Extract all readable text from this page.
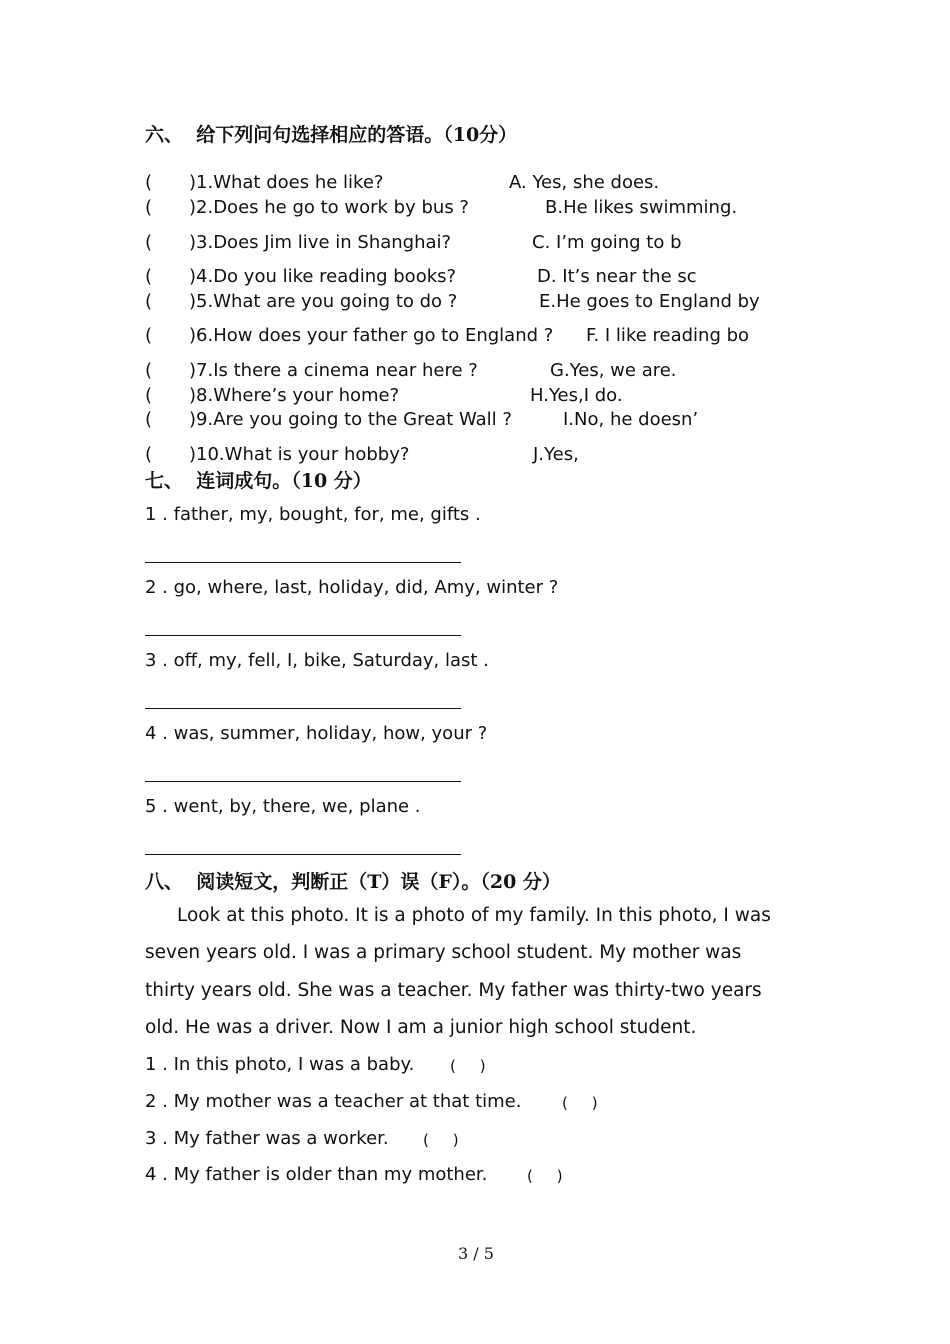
六、  给下列问句选择相应的答语。（10分）
( )1.What does he like?	A. Yes, she does.
( )2.Does he go to work by bus ?	B.He likes swimming.
( )3.Does Jim live in Shanghai?	C. I’m going to b
( )4.Do you like reading books?	D. It’s near the sc
( )5.What are you going to do ?	E.He goes to England by
( )6.How does your father go to England ? F. I like reading bo
( )7.Is there a cinema near here ?	G.Yes, we are.
( )8.Where’s your home?	H.Yes,I do.
( )9.Are you going to the Great Wall ?	I.No, he doesn’
( )10.What is your hobby?	J.Yes,
七、  连词成句。（10 分）
1 . father, my, bought, for, me, gifts .
2 . go, where, last, holiday, did, Amy, winter ?
3 . off, my, fell, I, bike, Saturday, last .
4 . was, summer, holiday, how, your ?
5 . went, by, there, we, plane .
八、  阅读短文，判断正（T）误（F）。（20 分）
Look at this photo. It is a photo of my family. In this photo, I was
seven years old. I was a primary school student. My mother was
thirty years old. She was a teacher. My father was thirty-two years
old. He was a driver. Now I am a junior high school student.
1 . In this photo, I was a baby. (     )
2 . My mother was a teacher at that time.	(     )
3 . My father was a worker. (     )
4 . My father is older than my mother.	(     )
3 / 5
